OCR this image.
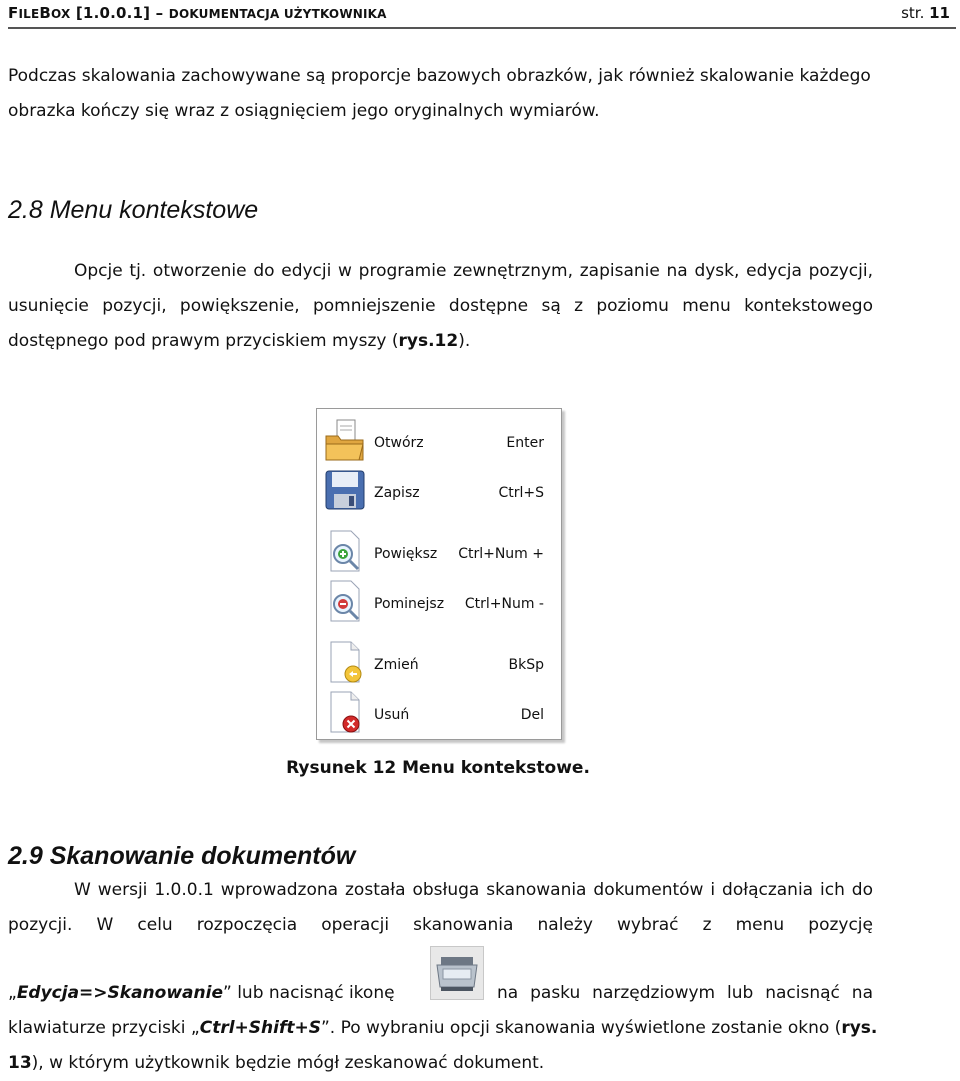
FILEBOX [1.0.0.1] – DOKUMENTACJA UŻYTKOWNIKA	str. 11
Podczas skalowania zachowywane są proporcje bazowych obrazków, jak również skalowanie każdego
obrazka kończy się wraz z osiągnięciem jego oryginalnych wymiarów.
2.8 Menu kontekstowe
Opcje tj. otworzenie do edycji w programie zewnętrznym, zapisanie na dysk, edycja pozycji,
usunięcie pozycji, powiększenie, pomniejszenie dostępne są z poziomu menu kontekstowego
dostępnego pod prawym przyciskiem myszy (rys.12).
Otwórz	Enter
Zapisz	Ctrl+S
Powiększ Ctrl+Num +
Pominejsz Ctrl+Num -
Zmień	BkSp
Usuń	Del
Rysunek 12 Menu kontekstowe.
2.9 Skanowanie dokumentów
W wersji 1.0.0.1 wprowadzona została obsługa skanowania dokumentów i dołączania ich do
pozycji. W celu rozpoczęcia operacji skanowania należy wybrać z menu pozycję
„Edycja=>Skanowanie” lub nacisnąć ikonę	na pasku narzędziowym lub nacisnąć na
klawiaturze przyciski „Ctrl+Shift+S”. Po wybraniu opcji skanowania wyświetlone zostanie okno (rys.
13), w którym użytkownik będzie mógł zeskanować dokument.
